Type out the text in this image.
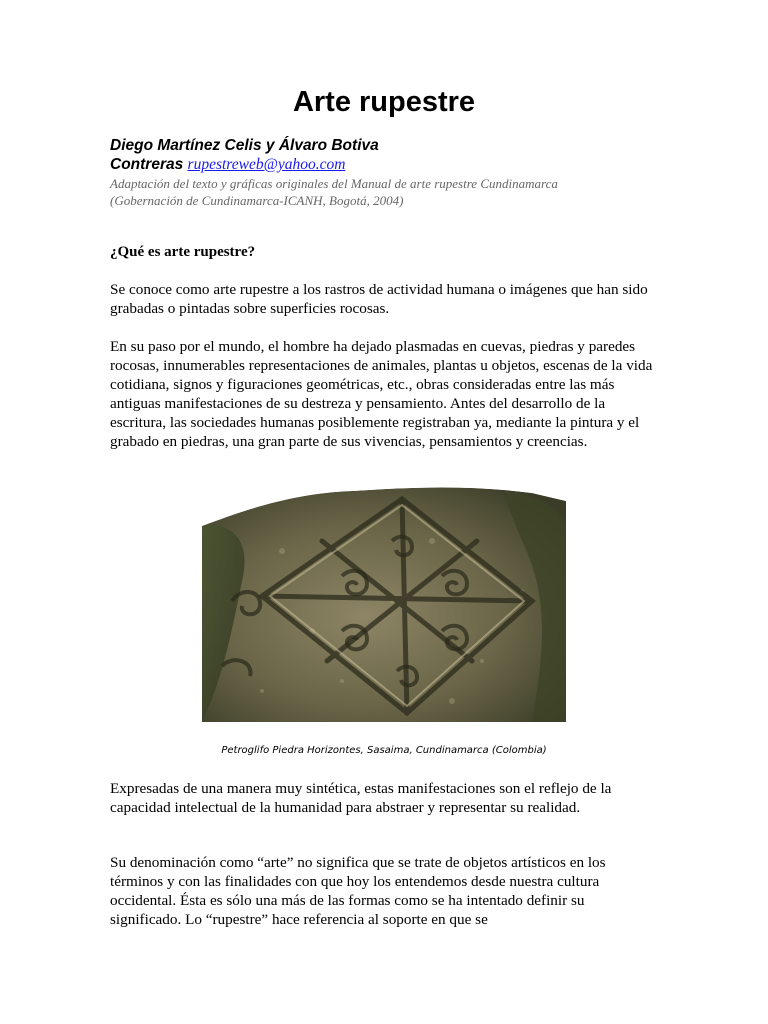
Arte rupestre
Diego Martínez Celis y Álvaro Botiva
Contreras rupestreweb@yahoo.com
Adaptación del texto y gráficas originales del Manual de arte rupestre Cundinamarca
(Gobernación de Cundinamarca-ICANH, Bogotá, 2004)
¿Qué es arte rupestre?

Se conoce como arte rupestre a los rastros de actividad humana o imágenes que han sido grabadas o pintadas sobre superficies rocosas.

En su paso por el mundo, el hombre ha dejado plasmadas en cuevas, piedras y paredes rocosas, innumerables representaciones de animales, plantas u objetos, escenas de la vida cotidiana, signos y figuraciones geométricas, etc., obras consideradas entre las más antiguas manifestaciones de su destreza y pensamiento. Antes del desarrollo de la escritura, las sociedades humanas posiblemente registraban ya, mediante la pintura y el grabado en piedras, una gran parte de sus vivencias, pensamientos y creencias.

Petroglifo Piedra Horizontes, Sasaima, Cundinamarca (Colombia)

Expresadas de una manera muy sintética, estas manifestaciones son el reflejo de la capacidad intelectual de la humanidad para abstraer y representar su realidad.

Su denominación como “arte” no significa que se trate de objetos artísticos en los términos y con las finalidades con que hoy los entendemos desde nuestra cultura occidental. Ésta es sólo una más de las formas como se ha intentado definir su significado. Lo “rupestre” hace referencia al soporte en que se
